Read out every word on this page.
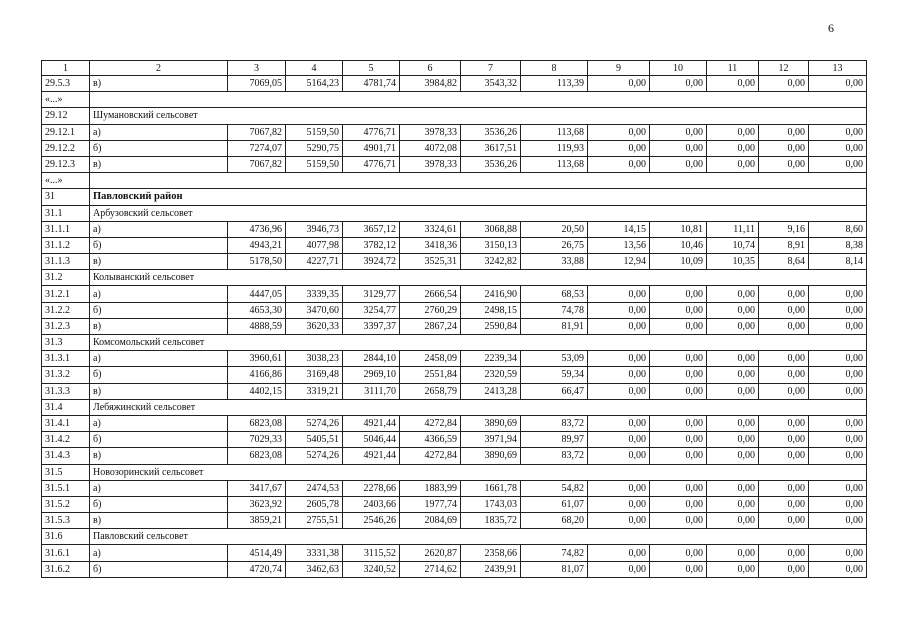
6
1	2	3	4	5	6	7	8	9	10	11	12	13
29.5.3	в)	7069,05	5164,23	4781,74	3984,82	3543,32	113,39	0,00	0,00	0,00	0,00	0,00
«...»												
29.12	Шумановский сельсовет											
29.12.1	а)	7067,82	5159,50	4776,71	3978,33	3536,26	113,68	0,00	0,00	0,00	0,00	0,00
29.12.2	б)	7274,07	5290,75	4901,71	4072,08	3617,51	119,93	0,00	0,00	0,00	0,00	0,00
29.12.3	в)	7067,82	5159,50	4776,71	3978,33	3536,26	113,68	0,00	0,00	0,00	0,00	0,00
«...»												
31	Павловский район											
31.1	Арбузовский сельсовет											
31.1.1	а)	4736,96	3946,73	3657,12	3324,61	3068,88	20,50	14,15	10,81	11,11	9,16	8,60
31.1.2	б)	4943,21	4077,98	3782,12	3418,36	3150,13	26,75	13,56	10,46	10,74	8,91	8,38
31.1.3	в)	5178,50	4227,71	3924,72	3525,31	3242,82	33,88	12,94	10,09	10,35	8,64	8,14
31.2	Колыванский сельсовет											
31.2.1	а)	4447,05	3339,35	3129,77	2666,54	2416,90	68,53	0,00	0,00	0,00	0,00	0,00
31.2.2	б)	4653,30	3470,60	3254,77	2760,29	2498,15	74,78	0,00	0,00	0,00	0,00	0,00
31.2.3	в)	4888,59	3620,33	3397,37	2867,24	2590,84	81,91	0,00	0,00	0,00	0,00	0,00
31.3	Комсомольский сельсовет											
31.3.1	а)	3960,61	3038,23	2844,10	2458,09	2239,34	53,09	0,00	0,00	0,00	0,00	0,00
31.3.2	б)	4166,86	3169,48	2969,10	2551,84	2320,59	59,34	0,00	0,00	0,00	0,00	0,00
31.3.3	в)	4402,15	3319,21	3111,70	2658,79	2413,28	66,47	0,00	0,00	0,00	0,00	0,00
31.4	Лебяжинский сельсовет											
31.4.1	а)	6823,08	5274,26	4921,44	4272,84	3890,69	83,72	0,00	0,00	0,00	0,00	0,00
31.4.2	б)	7029,33	5405,51	5046,44	4366,59	3971,94	89,97	0,00	0,00	0,00	0,00	0,00
31.4.3	в)	6823,08	5274,26	4921,44	4272,84	3890,69	83,72	0,00	0,00	0,00	0,00	0,00
31.5	Новозоринский сельсовет											
31.5.1	а)	3417,67	2474,53	2278,66	1883,99	1661,78	54,82	0,00	0,00	0,00	0,00	0,00
31.5.2	б)	3623,92	2605,78	2403,66	1977,74	1743,03	61,07	0,00	0,00	0,00	0,00	0,00
31.5.3	в)	3859,21	2755,51	2546,26	2084,69	1835,72	68,20	0,00	0,00	0,00	0,00	0,00
31.6	Павловский сельсовет											
31.6.1	а)	4514,49	3331,38	3115,52	2620,87	2358,66	74,82	0,00	0,00	0,00	0,00	0,00
31.6.2	б)	4720,74	3462,63	3240,52	2714,62	2439,91	81,07	0,00	0,00	0,00	0,00	0,00
